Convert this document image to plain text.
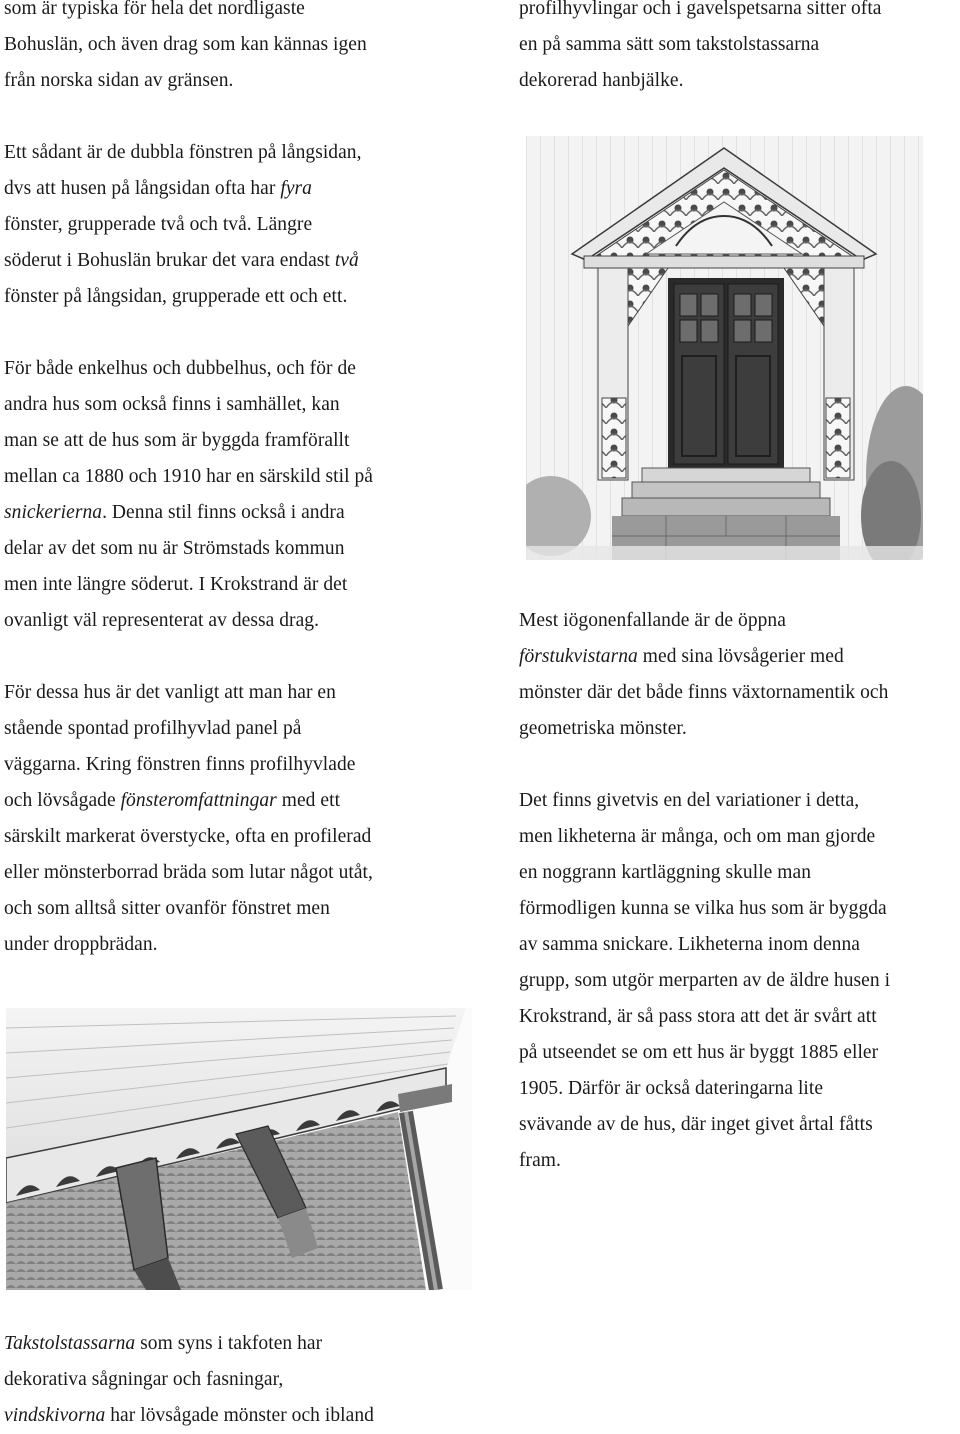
som är typiska för hela det nordligaste
Bohuslän, och även drag som kan kännas igen
från norska sidan av gränsen.
Ett sådant är de dubbla fönstren på långsidan,
dvs att husen på långsidan ofta har fyra
fönster, grupperade två och två. Längre
söderut i Bohuslän brukar det vara endast två
fönster på långsidan, grupperade ett och ett.
För både enkelhus och dubbelhus, och för de
andra hus som också finns i samhället, kan
man se att de hus som är byggda framförallt
mellan ca 1880 och 1910 har en särskild stil på
snickerierna. Denna stil finns också i andra
delar av det som nu är Strömstads kommun
men inte längre söderut. I Krokstrand är det
ovanligt väl representerat av dessa drag.
För dessa hus är det vanligt att man har en
stående spontad profilhyvlad panel på
väggarna. Kring fönstren finns profilhyvlade
och lövsågade fönsteromfattningar med ett
särskilt markerat överstycke, ofta en profilerad
eller mönsterborrad bräda som lutar något utåt,
och som alltså sitter ovanför fönstret men
under droppbrädan.
Takstolstassarna som syns i takfoten har
dekorativa sågningar och fasningar,
vindskivorna har lövsågade mönster och ibland
profilhyvlingar och i gavelspetsarna sitter ofta
en på samma sätt som takstolstassarna
dekorerad hanbjälke.
Mest iögonenfallande är de öppna
förstukvistarna med sina lövsågerier med
mönster där det både finns växtornamentik och
geometriska mönster.
Det finns givetvis en del variationer i detta,
men likheterna är många, och om man gjorde
en noggrann kartläggning skulle man
förmodligen kunna se vilka hus som är byggda
av samma snickare. Likheterna inom denna
grupp, som utgör merparten av de äldre husen i
Krokstrand, är så pass stora att det är svårt att
på utseendet se om ett hus är byggt 1885 eller
1905. Därför är också dateringarna lite
svävande av de hus, där inget givet årtal fåtts
fram.
